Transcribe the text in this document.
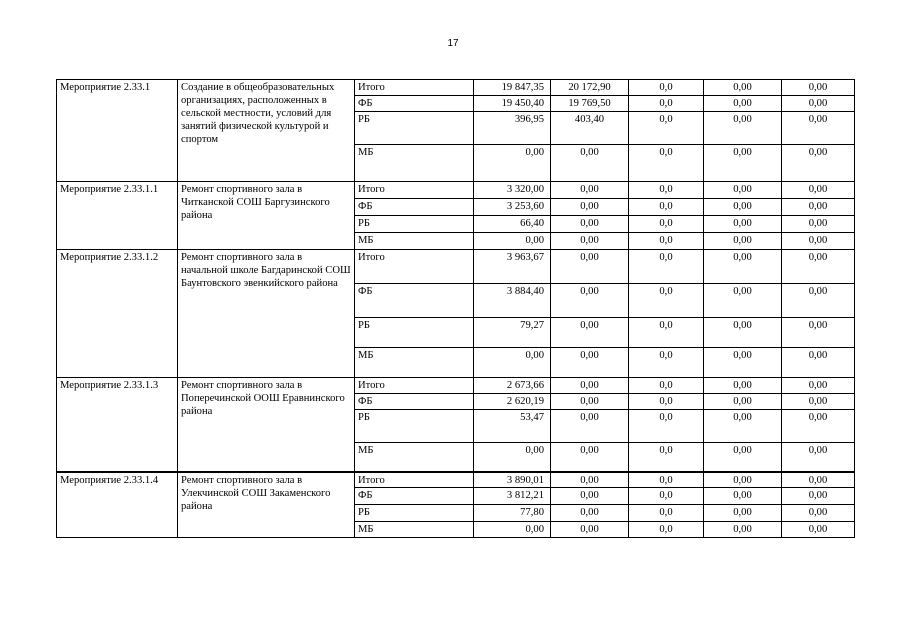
17
Мероприятие 2.33.1	Создание в общеобразовательных организациях, расположенных в сельской местности, условий для занятий физической культурой и спортом	Итого	19 847,35	20 172,90	0,0	0,00	0,00
		ФБ	19 450,40	19 769,50	0,0	0,00	0,00
		РБ	396,95	403,40	0,0	0,00	0,00
		МБ	0,00	0,00	0,0	0,00	0,00
Мероприятие 2.33.1.1	Ремонт спортивного зала в Читканской СОШ Баргузинского района	Итого	3 320,00	0,00	0,0	0,00	0,00
		ФБ	3 253,60	0,00	0,0	0,00	0,00
		РБ	66,40	0,00	0,0	0,00	0,00
		МБ	0,00	0,00	0,0	0,00	0,00
Мероприятие 2.33.1.2	Ремонт спортивного зала в начальной школе Багдаринской СОШ Баунтовского эвенкийского района	Итого	3 963,67	0,00	0,0	0,00	0,00
		ФБ	3 884,40	0,00	0,0	0,00	0,00
		РБ	79,27	0,00	0,0	0,00	0,00
		МБ	0,00	0,00	0,0	0,00	0,00
Мероприятие 2.33.1.3	Ремонт спортивного зала в Поперечинской ООШ Еравнинского района	Итого	2 673,66	0,00	0,0	0,00	0,00
		ФБ	2 620,19	0,00	0,0	0,00	0,00
		РБ	53,47	0,00	0,0	0,00	0,00
		МБ	0,00	0,00	0,0	0,00	0,00
Мероприятие 2.33.1.4	Ремонт спортивного зала в Улекчинской СОШ Закаменского района	Итого	3 890,01	0,00	0,0	0,00	0,00
		ФБ	3 812,21	0,00	0,0	0,00	0,00
		РБ	77,80	0,00	0,0	0,00	0,00
		МБ	0,00	0,00	0,0	0,00	0,00
